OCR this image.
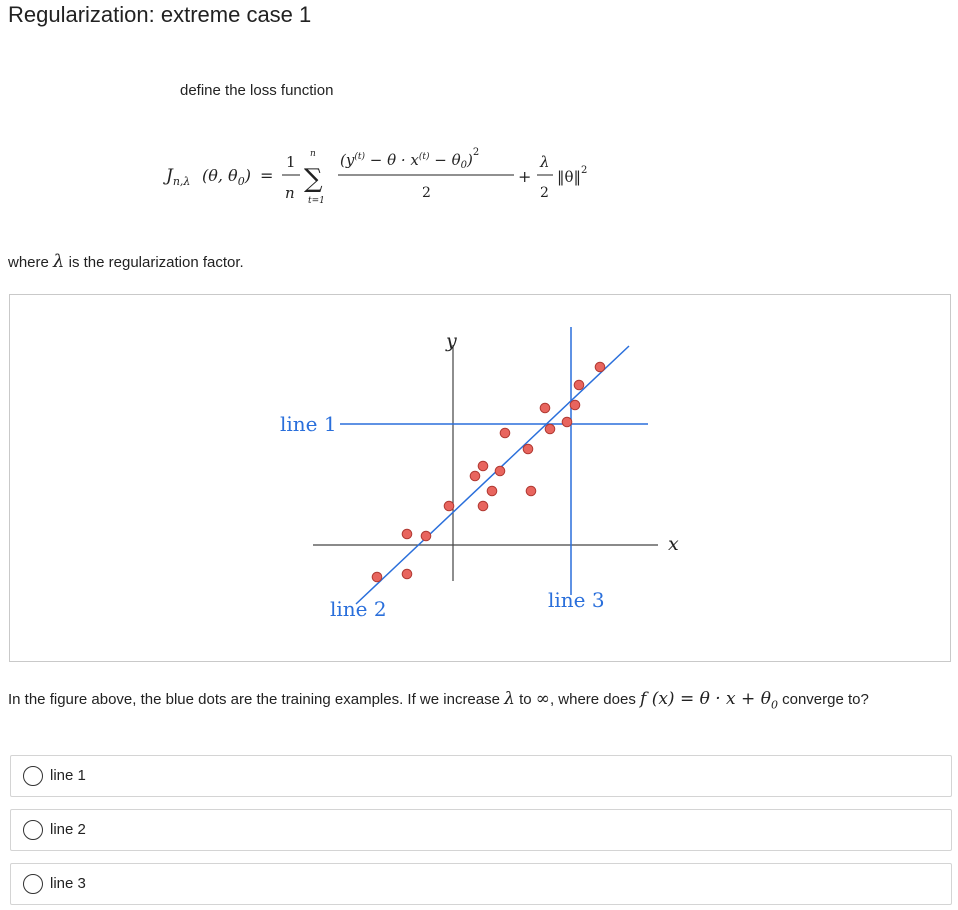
Regularization: extreme case 1
define the loss function
$J_{n,\lambda}$ (θ, $\theta_0$) =
1
n
n
∑
t=1
$(y^{(t)} - \theta \cdot x^{(t)} - \theta_0)^2$
2
+
λ
2
‖θ‖$^2$
where λ is the regularization factor.
x
y
line 1
line 2	line 3
In the figure above, the blue dots are the training examples. If we increase λ to ∞, where does f $(x) = \theta \cdot x + \theta_0$ converge to?
line 1
line 2
line 3
